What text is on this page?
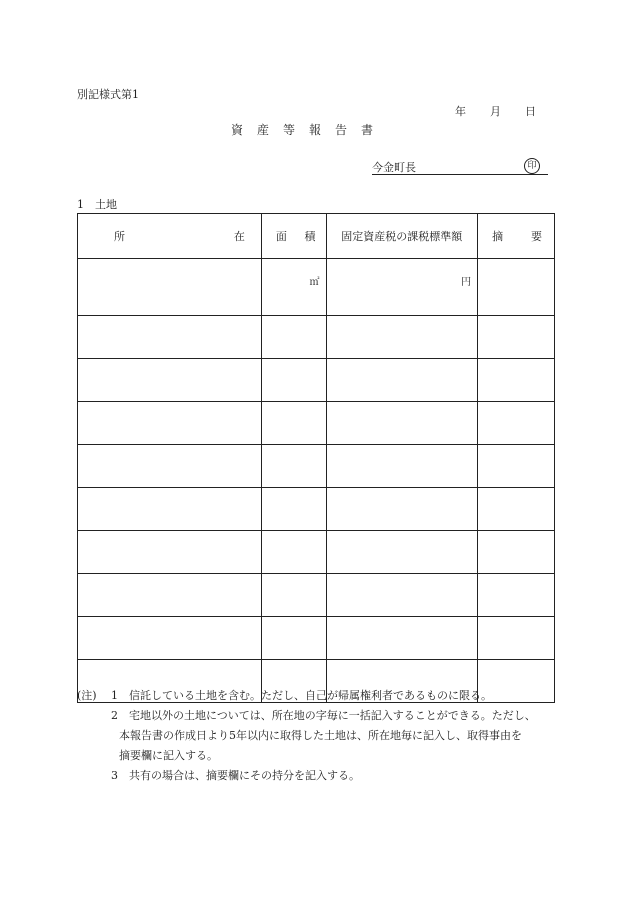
別記様式第1
年 月 日
資産等報告書
今金町長	印
1　土地
所 在	面 積	固定資産税の課税標準額	摘 要

	㎡	円	

(注)	1	信託している土地を含む。ただし、自己が帰属権利者であるものに限る。
2	宅地以外の土地については、所在地の字毎に一括記入することができる。ただし、
本報告書の作成日より5年以内に取得した土地は、所在地毎に記入し、取得事由を
摘要欄に記入する。
3	共有の場合は、摘要欄にその持分を記入する。
